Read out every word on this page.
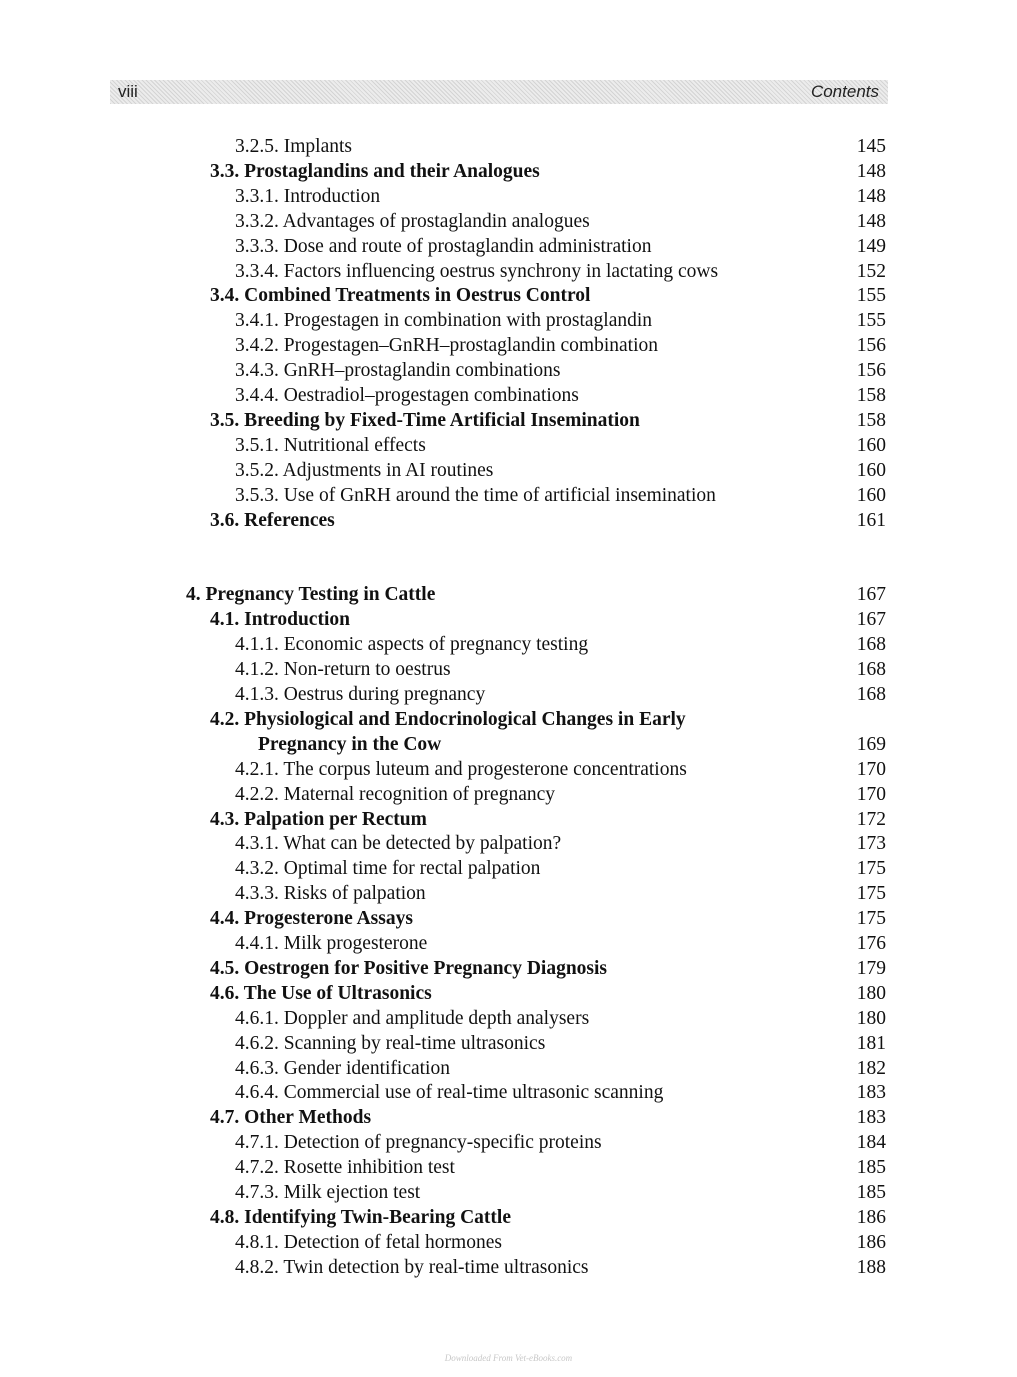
viii	Contents
3.2.5. Implants	145
3.3. Prostaglandins and their Analogues	148
3.3.1. Introduction	148
3.3.2. Advantages of prostaglandin analogues	148
3.3.3. Dose and route of prostaglandin administration	149
3.3.4. Factors influencing oestrus synchrony in lactating cows	152
3.4. Combined Treatments in Oestrus Control	155
3.4.1. Progestagen in combination with prostaglandin	155
3.4.2. Progestagen–GnRH–prostaglandin combination	156
3.4.3. GnRH–prostaglandin combinations	156
3.4.4. Oestradiol–progestagen combinations	158
3.5. Breeding by Fixed-Time Artificial Insemination	158
3.5.1. Nutritional effects	160
3.5.2. Adjustments in AI routines	160
3.5.3. Use of GnRH around the time of artificial insemination	160
3.6. References	161
4. Pregnancy Testing in Cattle	167
4.1. Introduction	167
4.1.1. Economic aspects of pregnancy testing	168
4.1.2. Non-return to oestrus	168
4.1.3. Oestrus during pregnancy	168
4.2. Physiological and Endocrinological Changes in Early
Pregnancy in the Cow	169
4.2.1. The corpus luteum and progesterone concentrations	170
4.2.2. Maternal recognition of pregnancy	170
4.3. Palpation per Rectum	172
4.3.1. What can be detected by palpation?	173
4.3.2. Optimal time for rectal palpation	175
4.3.3. Risks of palpation	175
4.4. Progesterone Assays	175
4.4.1. Milk progesterone	176
4.5. Oestrogen for Positive Pregnancy Diagnosis	179
4.6. The Use of Ultrasonics	180
4.6.1. Doppler and amplitude depth analysers	180
4.6.2. Scanning by real-time ultrasonics	181
4.6.3. Gender identification	182
4.6.4. Commercial use of real-time ultrasonic scanning	183
4.7. Other Methods	183
4.7.1. Detection of pregnancy-specific proteins	184
4.7.2. Rosette inhibition test	185
4.7.3. Milk ejection test	185
4.8. Identifying Twin-Bearing Cattle	186
4.8.1. Detection of fetal hormones	186
4.8.2. Twin detection by real-time ultrasonics	188
Downloaded From Vet-eBooks.com
